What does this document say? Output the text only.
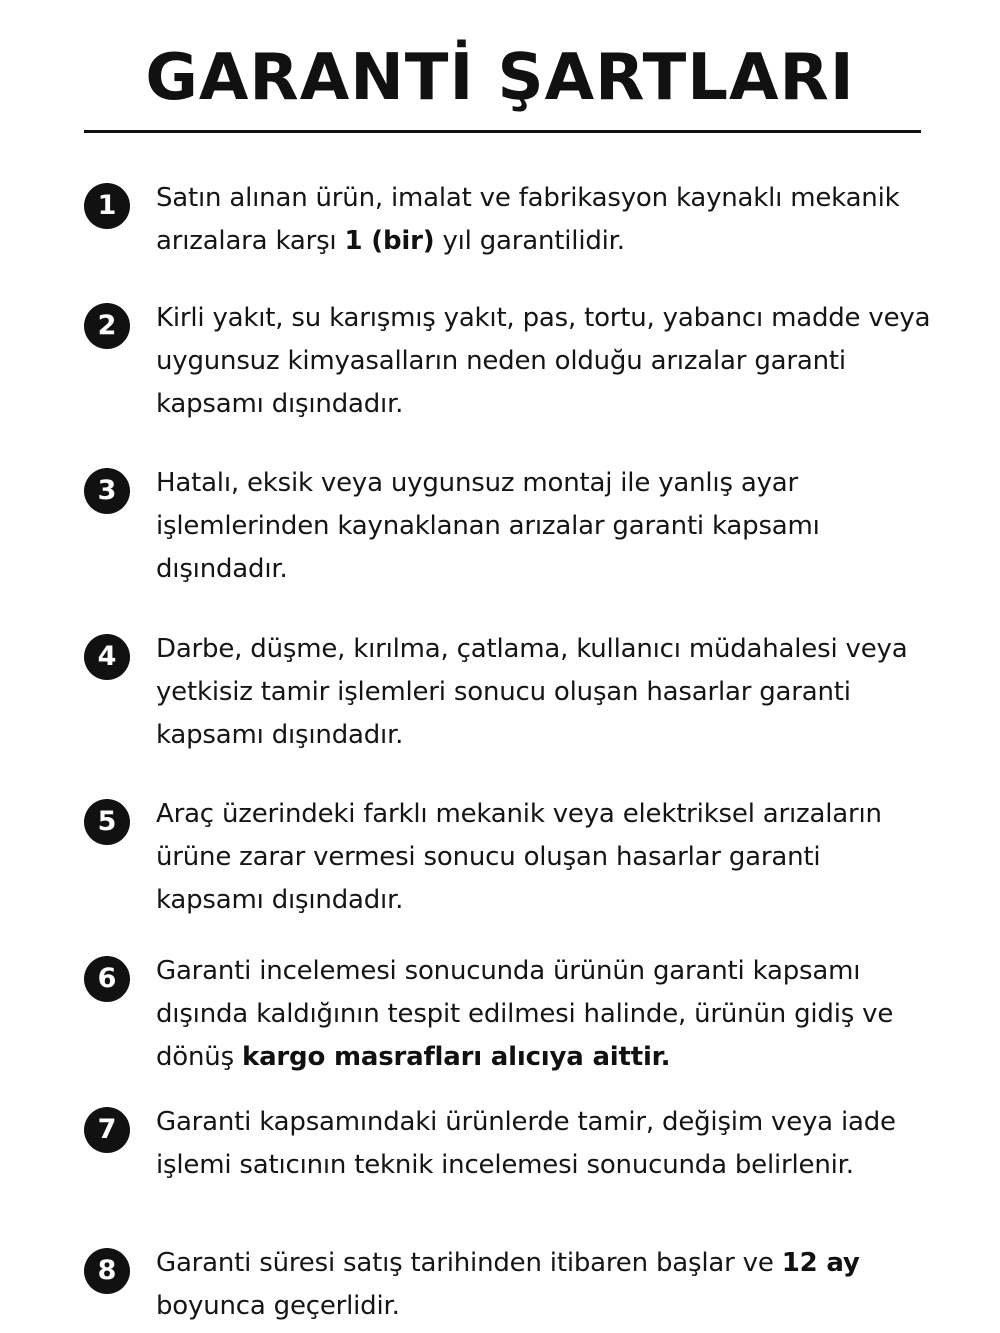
GARANTİ ŞARTLARI
1	Satın alınan ürün, imalat ve fabrikasyon kaynaklı mekanik arızalara karşı 1 (bir) yıl garantilidir.
2	Kirli yakıt, su karışmış yakıt, pas, tortu, yabancı madde veya uygunsuz kimyasalların neden olduğu arızalar garanti kapsamı dışındadır.
3	Hatalı, eksik veya uygunsuz montaj ile yanlış ayar işlemlerinden kaynaklanan arızalar garanti kapsamı dışındadır.
4	Darbe, düşme, kırılma, çatlama, kullanıcı müdahalesi veya yetkisiz tamir işlemleri sonucu oluşan hasarlar garanti kapsamı dışındadır.
5	Araç üzerindeki farklı mekanik veya elektriksel arızaların ürüne zarar vermesi sonucu oluşan hasarlar garanti kapsamı dışındadır.
6	Garanti incelemesi sonucunda ürünün garanti kapsamı dışında kaldığının tespit edilmesi halinde, ürünün gidiş ve dönüş kargo masrafları alıcıya aittir.
7	Garanti kapsamındaki ürünlerde tamir, değişim veya iade işlemi satıcının teknik incelemesi sonucunda belirlenir.
8	Garanti süresi satış tarihinden itibaren başlar ve 12 ay boyunca geçerlidir.
